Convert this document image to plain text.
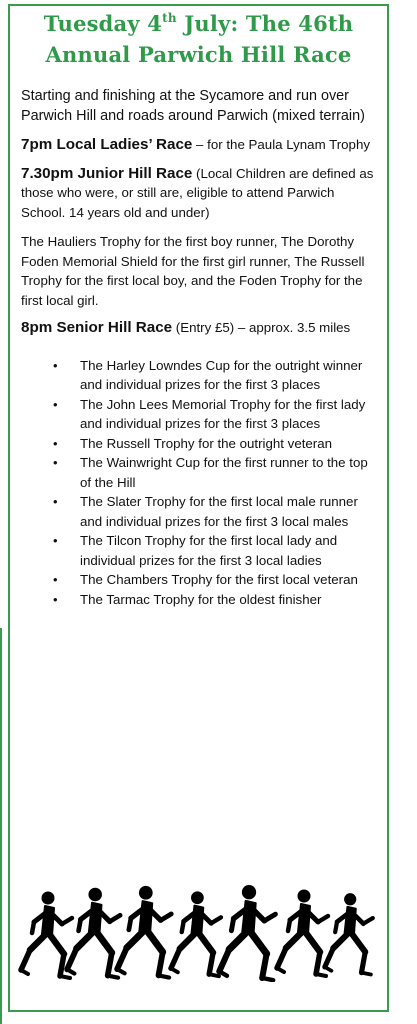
Tuesday 4th July: The 46th
Annual Parwich Hill Race

Starting and finishing at the Sycamore and run over Parwich Hill and roads around Parwich (mixed terrain)

7pm Local Ladies’ Race – for the Paula Lynam Trophy

7.30pm Junior Hill Race (Local Children are defined as those who were, or still are, eligible to attend Parwich School. 14 years old and under)

The Hauliers Trophy for the first boy runner, The Dorothy Foden Memorial Shield for the first girl runner, The Russell Trophy for the first local boy, and the Foden Trophy for the first local girl.

8pm Senior Hill Race (Entry £5) – approx. 3.5 miles

• The Harley Lowndes Cup for the outright winner and individual prizes for the first 3 places
• The John Lees Memorial Trophy for the first lady and individual prizes for the first 3 places
• The Russell Trophy for the outright veteran
• The Wainwright Cup for the first runner to the top of the Hill
• The Slater Trophy for the first local male runner and individual prizes for the first 3 local males
• The Tilcon Trophy for the first local lady and individual prizes for the first 3 local ladies
• The Chambers Trophy for the first local veteran
• The Tarmac Trophy for the oldest finisher
